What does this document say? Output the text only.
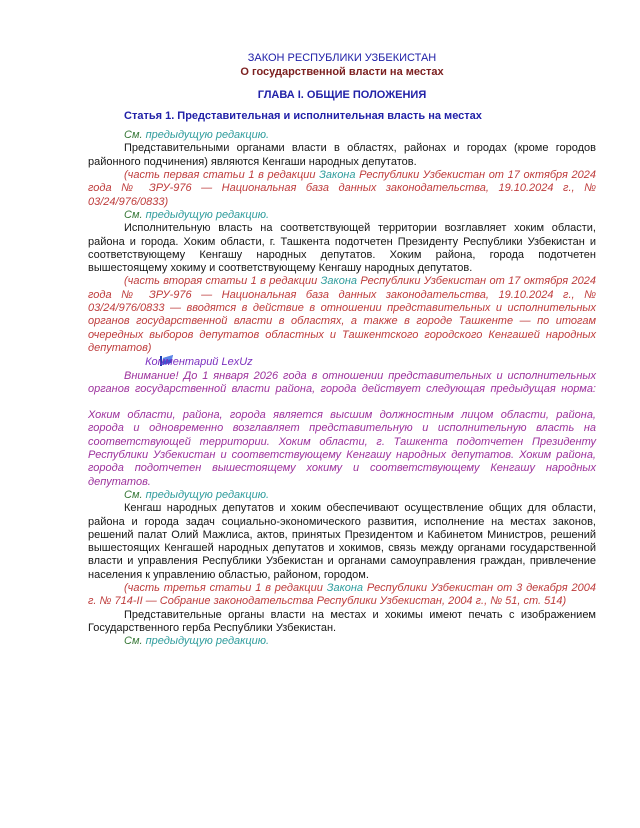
ЗАКОН РЕСПУБЛИКИ УЗБЕКИСТАН

О государственной власти на местах

ГЛАВА I. ОБЩИЕ ПОЛОЖЕНИЯ

Статья 1. Представительная и исполнительная власть на местах

См. предыдущую редакцию.

Представительными органами власти в областях, районах и городах (кроме городов районного подчинения) являются Кенгаши народных депутатов.

(часть первая статьи 1 в редакции Закона Республики Узбекистан от 17 октября 2024 года № ЗРУ-976 — Национальная база данных законодательства, 19.10.2024 г., № 03/24/976/0833)

См. предыдущую редакцию.

Исполнительную власть на соответствующей территории возглавляет хоким области, района и города. Хоким области, г. Ташкента подотчетен Президенту Республики Узбекистан и соответствующему Кенгашу народных депутатов. Хоким района, города подотчетен вышестоящему хокиму и соответствующему Кенгашу народных депутатов.

(часть вторая статьи 1 в редакции Закона Республики Узбекистан от 17 октября 2024 года № ЗРУ-976 — Национальная база данных законодательства, 19.10.2024 г., № 03/24/976/0833 — вводятся в действие в отношении представительных и исполнительных органов государственной власти в областях, а также в городе Ташкенте — по итогам очередных выборов депутатов областных и Ташкентского городского Кенгашей народных депутатов)

Комментарий LexUz

Внимание! До 1 января 2026 года в отношении представительных и исполнительных органов государственной власти района, города действует следующая предыдущая норма:

Хоким области, района, города является высшим должностным лицом области, района, города и одновременно возглавляет представительную и исполнительную власть на соответствующей территории. Хоким области, г. Ташкента подотчетен Президенту Республики Узбекистан и соответствующему Кенгашу народных депутатов. Хоким района, города подотчетен вышестоящему хокиму и соответствующему Кенгашу народных депутатов.

См. предыдущую редакцию.

Кенгаш народных депутатов и хоким обеспечивают осуществление общих для области, района и города задач социально-экономического развития, исполнение на местах законов, решений палат Олий Мажлиса, актов, принятых Президентом и Кабинетом Министров, решений вышестоящих Кенгашей народных депутатов и хокимов, связь между органами государственной власти и управления Республики Узбекистан и органами самоуправления граждан, привлечение населения к управлению областью, районом, городом.

(часть третья статьи 1 в редакции Закона Республики Узбекистан от 3 декабря 2004 г. № 714-II — Собрание законодательства Республики Узбекистан, 2004 г., № 51, ст. 514)

Представительные органы власти на местах и хокимы имеют печать с изображением Государственного герба Республики Узбекистан.

См. предыдущую редакцию.
